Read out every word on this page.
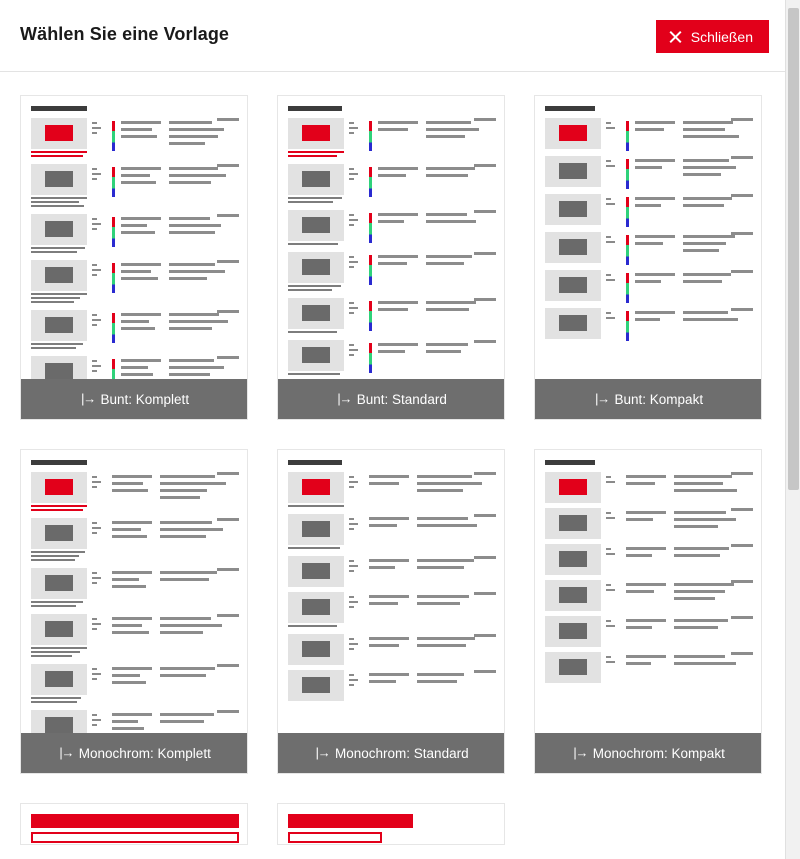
Wählen Sie eine Vorlage	Schließen
|→ Bunt: Komplett	|→ Bunt: Standard	|→ Bunt: Kompakt
|→ Monochrom: Komplett	|→ Monochrom: Standard	|→ Monochrom: Kompakt
